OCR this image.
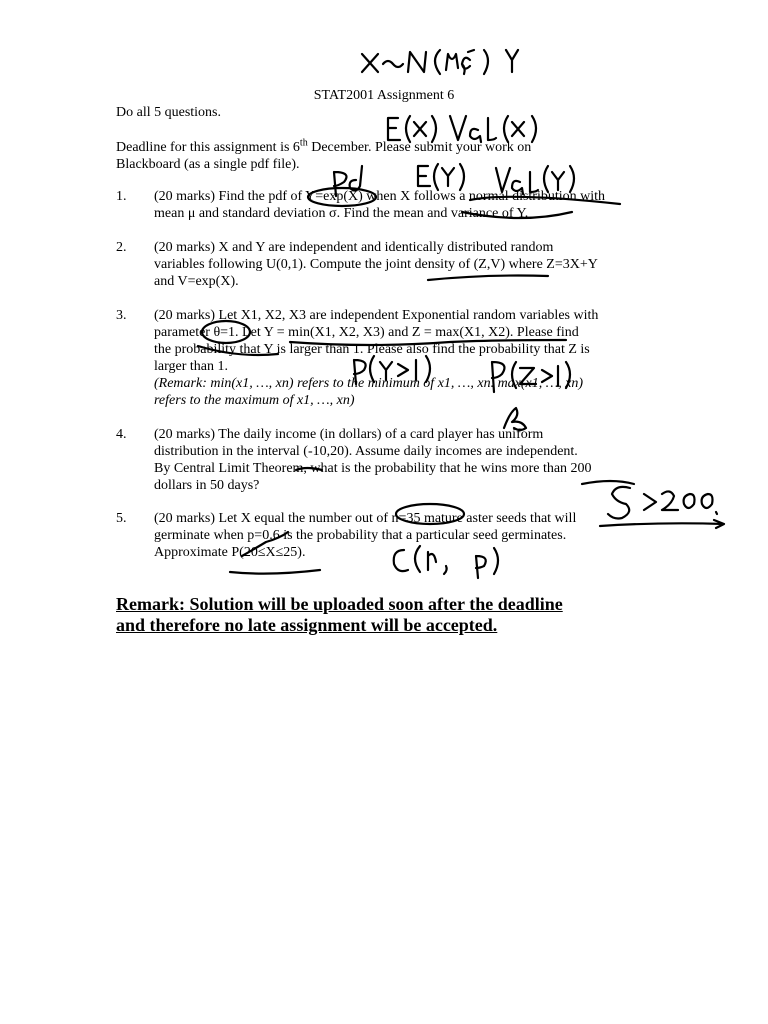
STAT2001 Assignment 6
Do all 5 questions.
Deadline for this assignment is 6th December. Please submit your work on
Blackboard (as a single pdf file).
1. (20 marks) Find the pdf of Y=exp(X) when X follows a normal distribution with
mean μ and standard deviation σ. Find the mean and variance of Y.
2. (20 marks) X and Y are independent and identically distributed random
variables following U(0,1). Compute the joint density of (Z,V) where Z=3X+Y
and V=exp(X).
3. (20 marks) Let X1, X2, X3 are independent Exponential random variables with
parameter θ=1. Let Y = min(X1, X2, X3) and Z = max(X1, X2). Please find
the probability that Y is larger than 1. Please also find the probability that Z is
larger than 1.
(Remark: min(x1, …, xn) refers to the minimum of x1, …, xn. max(x1, …, xn)
refers to the maximum of x1, …, xn)
4. (20 marks) The daily income (in dollars) of a card player has uniform
distribution in the interval (-10,20). Assume daily incomes are independent.
By Central Limit Theorem, what is the probability that he wins more than 200
dollars in 50 days?
5. (20 marks) Let X equal the number out of n=35 mature aster seeds that will
germinate when p=0.6 is the probability that a particular seed germinates.
Approximate P(20≤X≤25).
Remark: Solution will be uploaded soon after the deadline
and therefore no late assignment will be accepted.
